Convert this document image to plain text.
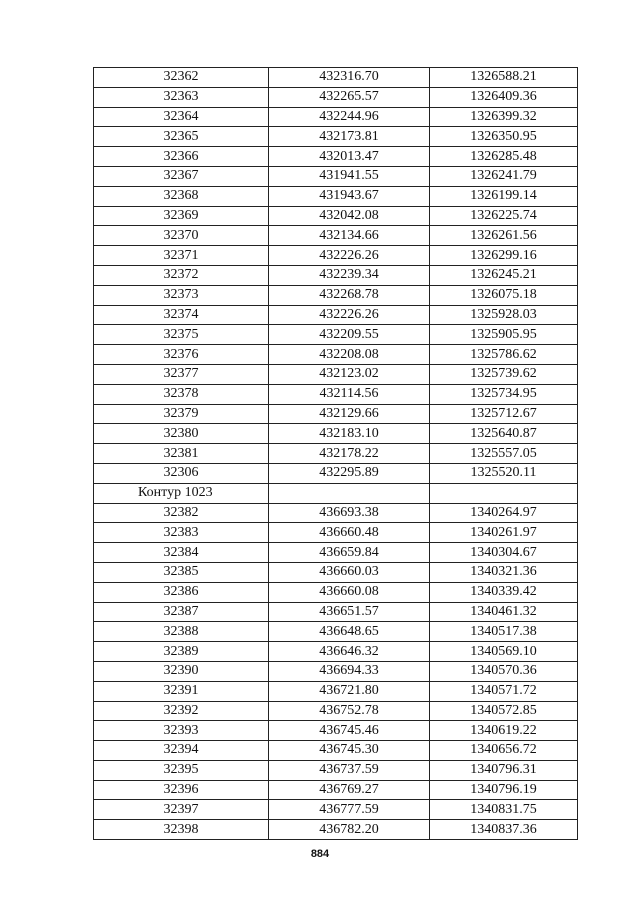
32362	432316.70	1326588.21
32363	432265.57	1326409.36
32364	432244.96	1326399.32
32365	432173.81	1326350.95
32366	432013.47	1326285.48
32367	431941.55	1326241.79
32368	431943.67	1326199.14
32369	432042.08	1326225.74
32370	432134.66	1326261.56
32371	432226.26	1326299.16
32372	432239.34	1326245.21
32373	432268.78	1326075.18
32374	432226.26	1325928.03
32375	432209.55	1325905.95
32376	432208.08	1325786.62
32377	432123.02	1325739.62
32378	432114.56	1325734.95
32379	432129.66	1325712.67
32380	432183.10	1325640.87
32381	432178.22	1325557.05
32306	432295.89	1325520.11
Контур 1023		
32382	436693.38	1340264.97
32383	436660.48	1340261.97
32384	436659.84	1340304.67
32385	436660.03	1340321.36
32386	436660.08	1340339.42
32387	436651.57	1340461.32
32388	436648.65	1340517.38
32389	436646.32	1340569.10
32390	436694.33	1340570.36
32391	436721.80	1340571.72
32392	436752.78	1340572.85
32393	436745.46	1340619.22
32394	436745.30	1340656.72
32395	436737.59	1340796.31
32396	436769.27	1340796.19
32397	436777.59	1340831.75
32398	436782.20	1340837.36
884
